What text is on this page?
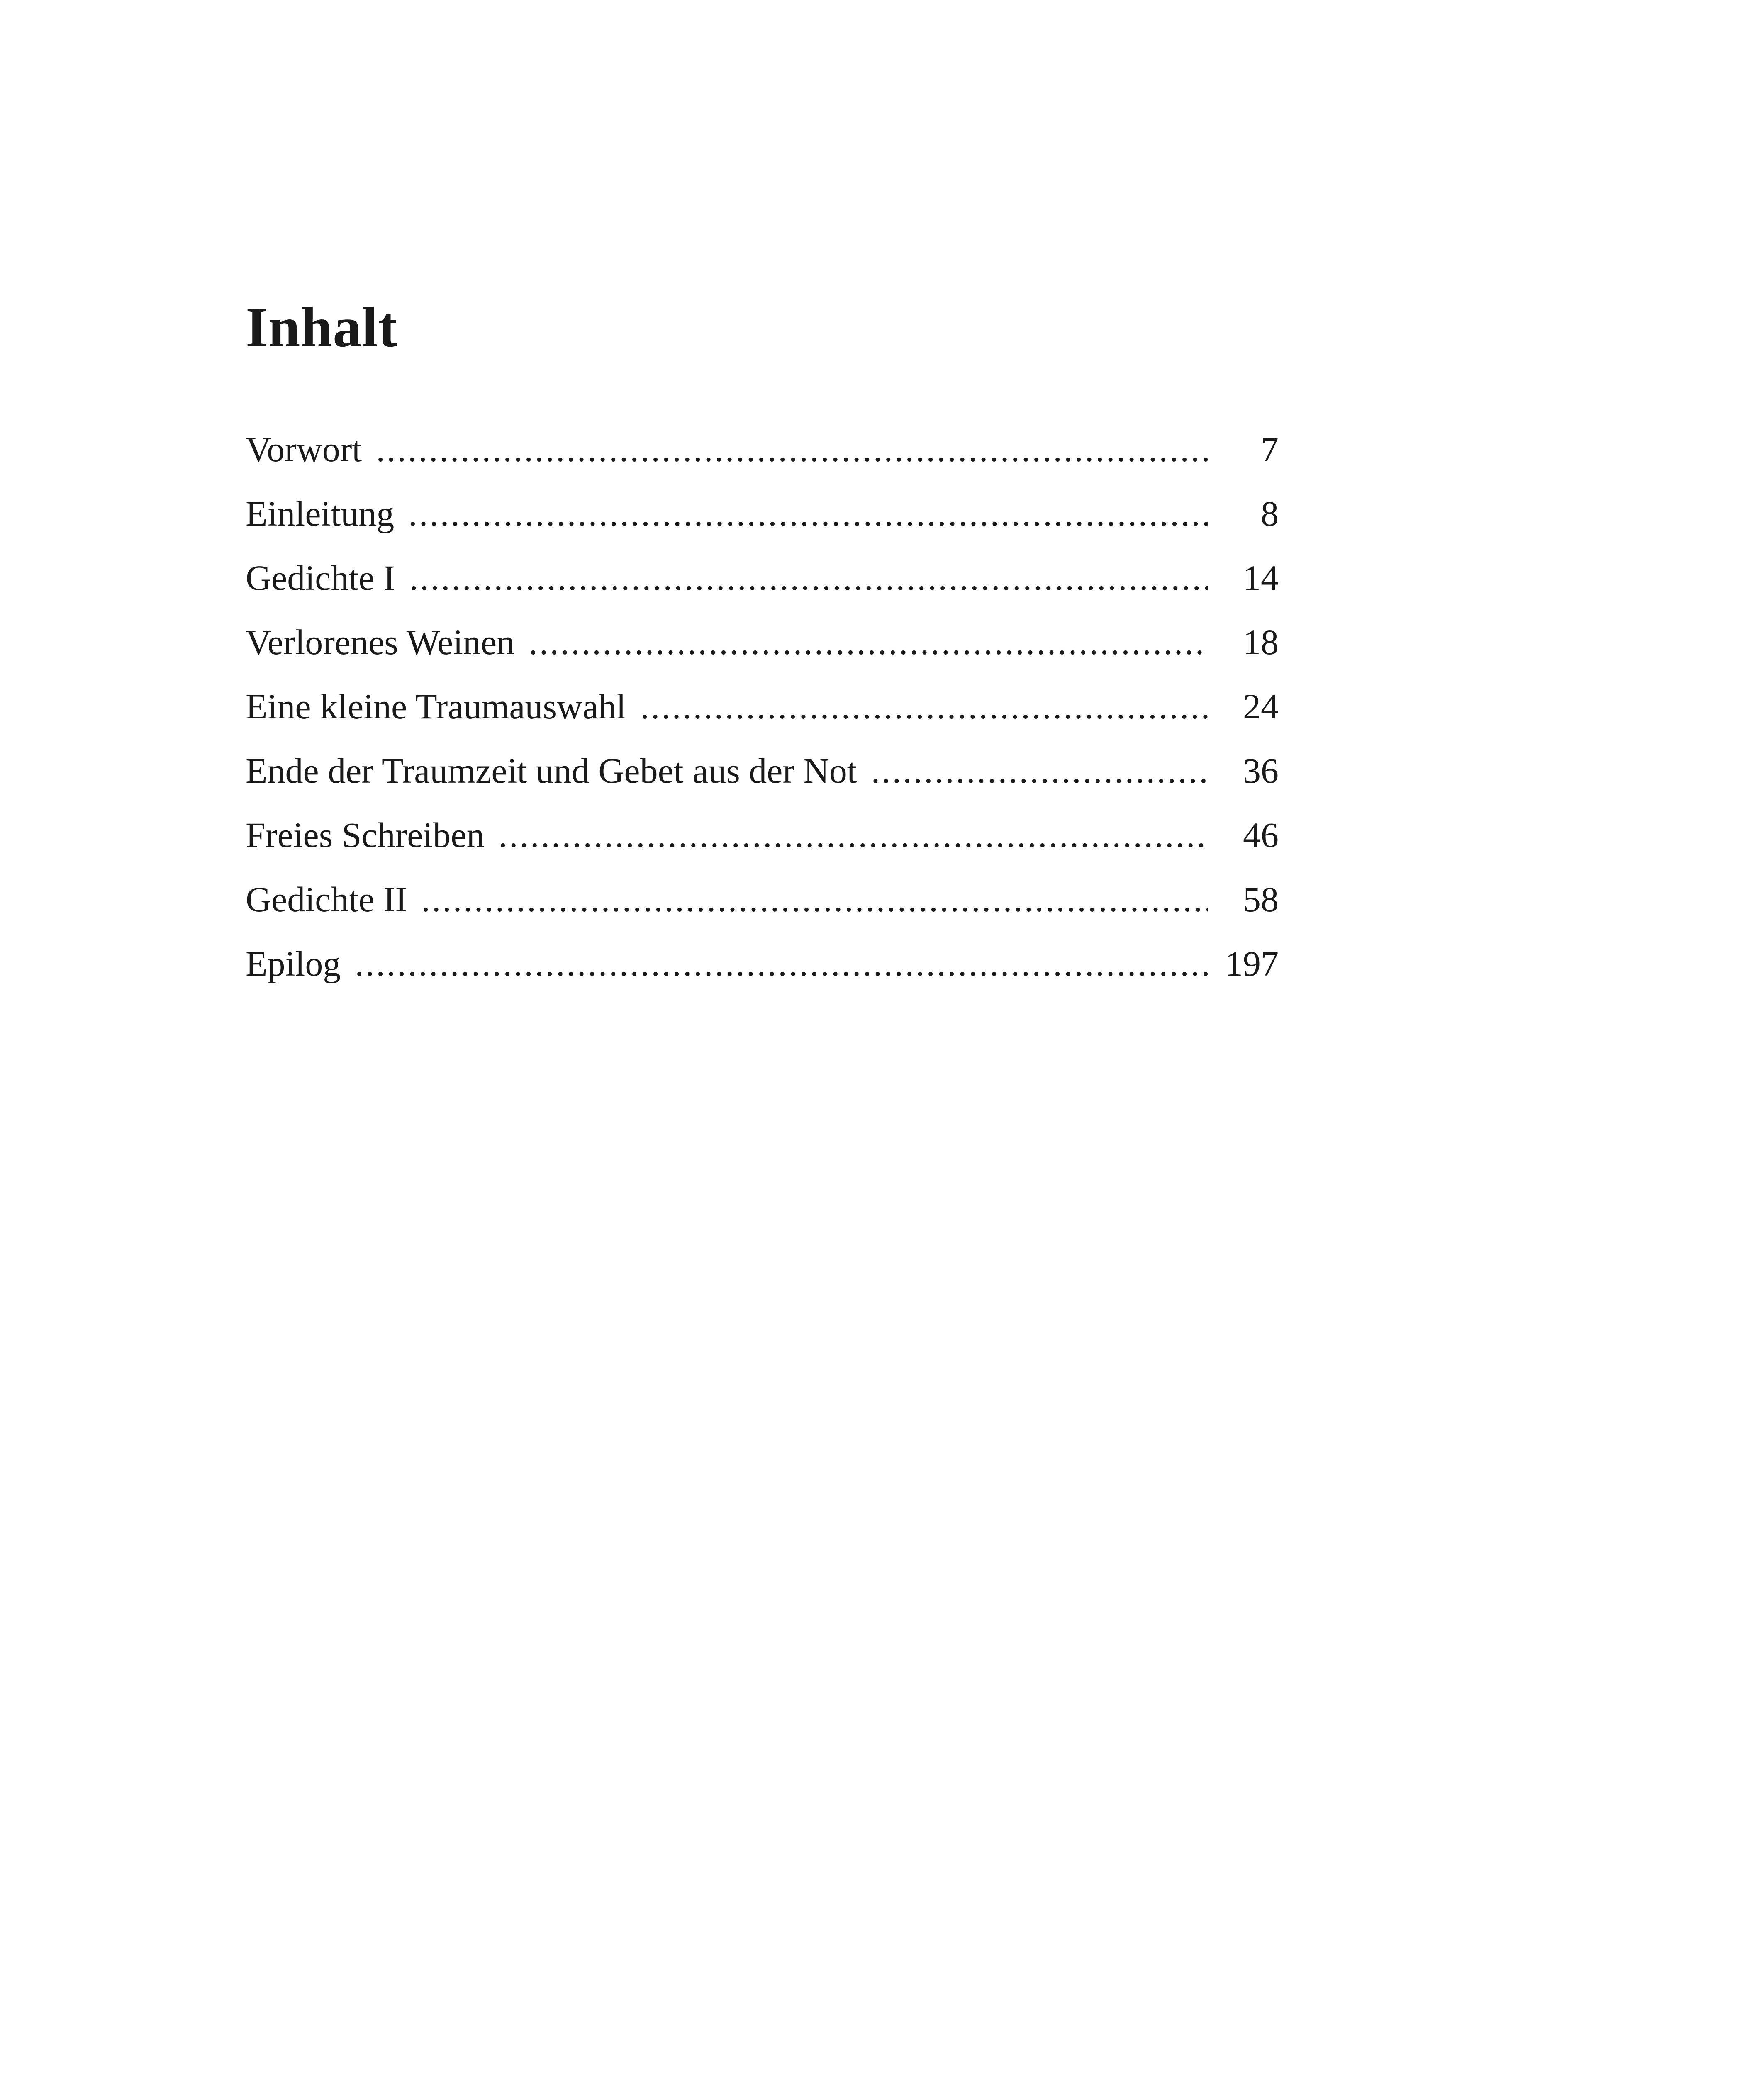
Inhalt
Vorwort .....	7
Einleitung .....	8
Gedichte I .....	14
Verlorenes Weinen .....	18
Eine kleine Traumauswahl .....	24
Ende der Traumzeit und Gebet aus der Not .....	36
Freies Schreiben .....	46
Gedichte II .....	58
Epilog .....	197
